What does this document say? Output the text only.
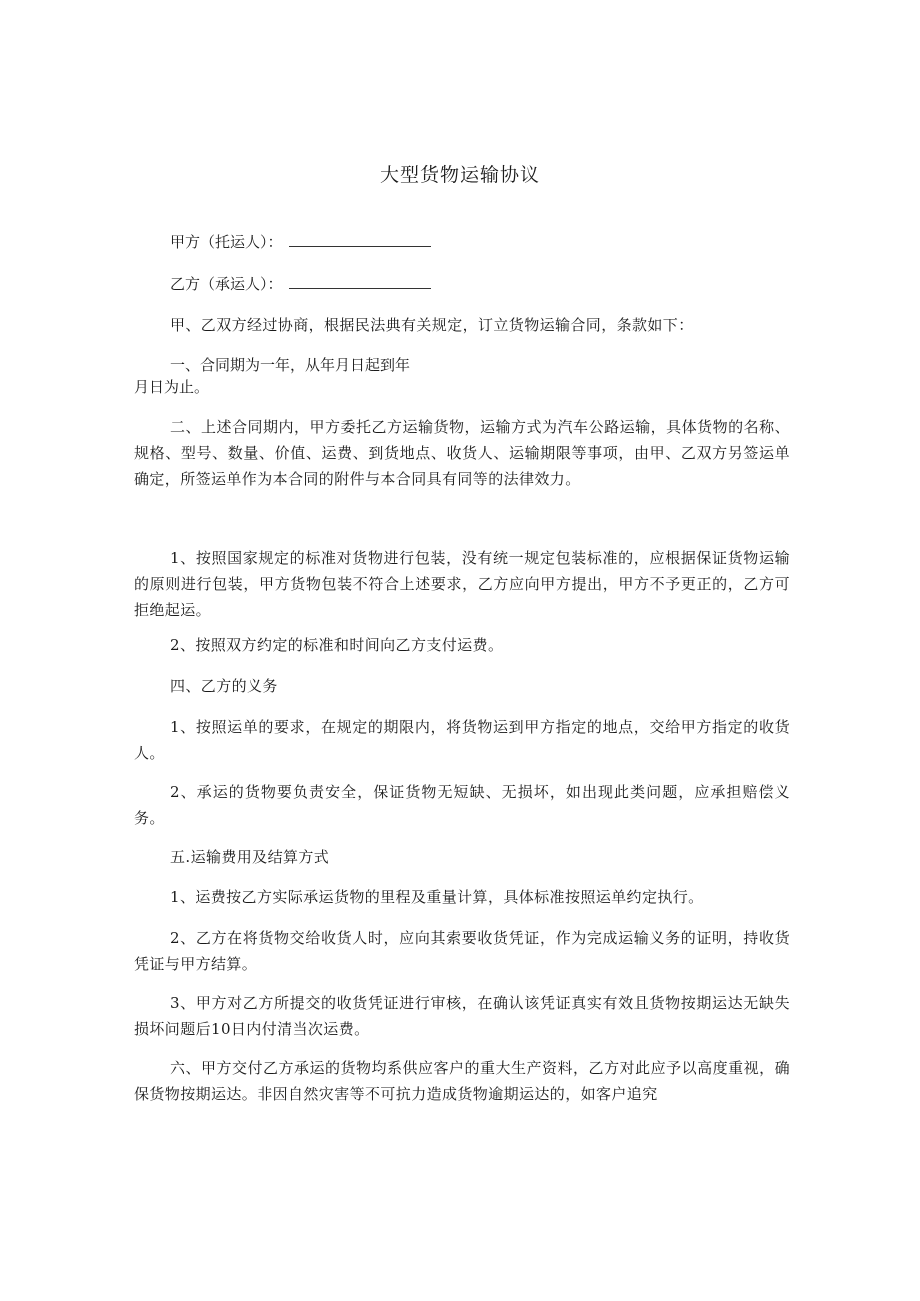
大型货物运输协议
甲方（托运人）：
乙方（承运人）：
甲、乙双方经过协商，根据民法典有关规定，订立货物运输合同，条款如下：
一、合同期为一年，从年月日起到年
月日为止。
二、上述合同期内，甲方委托乙方运输货物，运输方式为汽车公路运输，具体货物的名称、规格、型号、数量、价值、运费、到货地点、收货人、运输期限等事项，由甲、乙双方另签运单确定，所签运单作为本合同的附件与本合同具有同等的法律效力。
1、按照国家规定的标准对货物进行包装，没有统一规定包装标准的，应根据保证货物运输的原则进行包装，甲方货物包装不符合上述要求，乙方应向甲方提出，甲方不予更正的，乙方可拒绝起运。
2、按照双方约定的标准和时间向乙方支付运费。
四、乙方的义务
1、按照运单的要求，在规定的期限内，将货物运到甲方指定的地点，交给甲方指定的收货人。
2、承运的货物要负责安全，保证货物无短缺、无损坏，如出现此类问题，应承担赔偿义务。
五.运输费用及结算方式
1、运费按乙方实际承运货物的里程及重量计算，具体标准按照运单约定执行。
2、乙方在将货物交给收货人时，应向其索要收货凭证，作为完成运输义务的证明，持收货凭证与甲方结算。
3、甲方对乙方所提交的收货凭证进行审核，在确认该凭证真实有效且货物按期运达无缺失损坏问题后10日内付清当次运费。
六、甲方交付乙方承运的货物均系供应客户的重大生产资料，乙方对此应予以高度重视，确保货物按期运达。非因自然灾害等不可抗力造成货物逾期运达的，如客户追究
